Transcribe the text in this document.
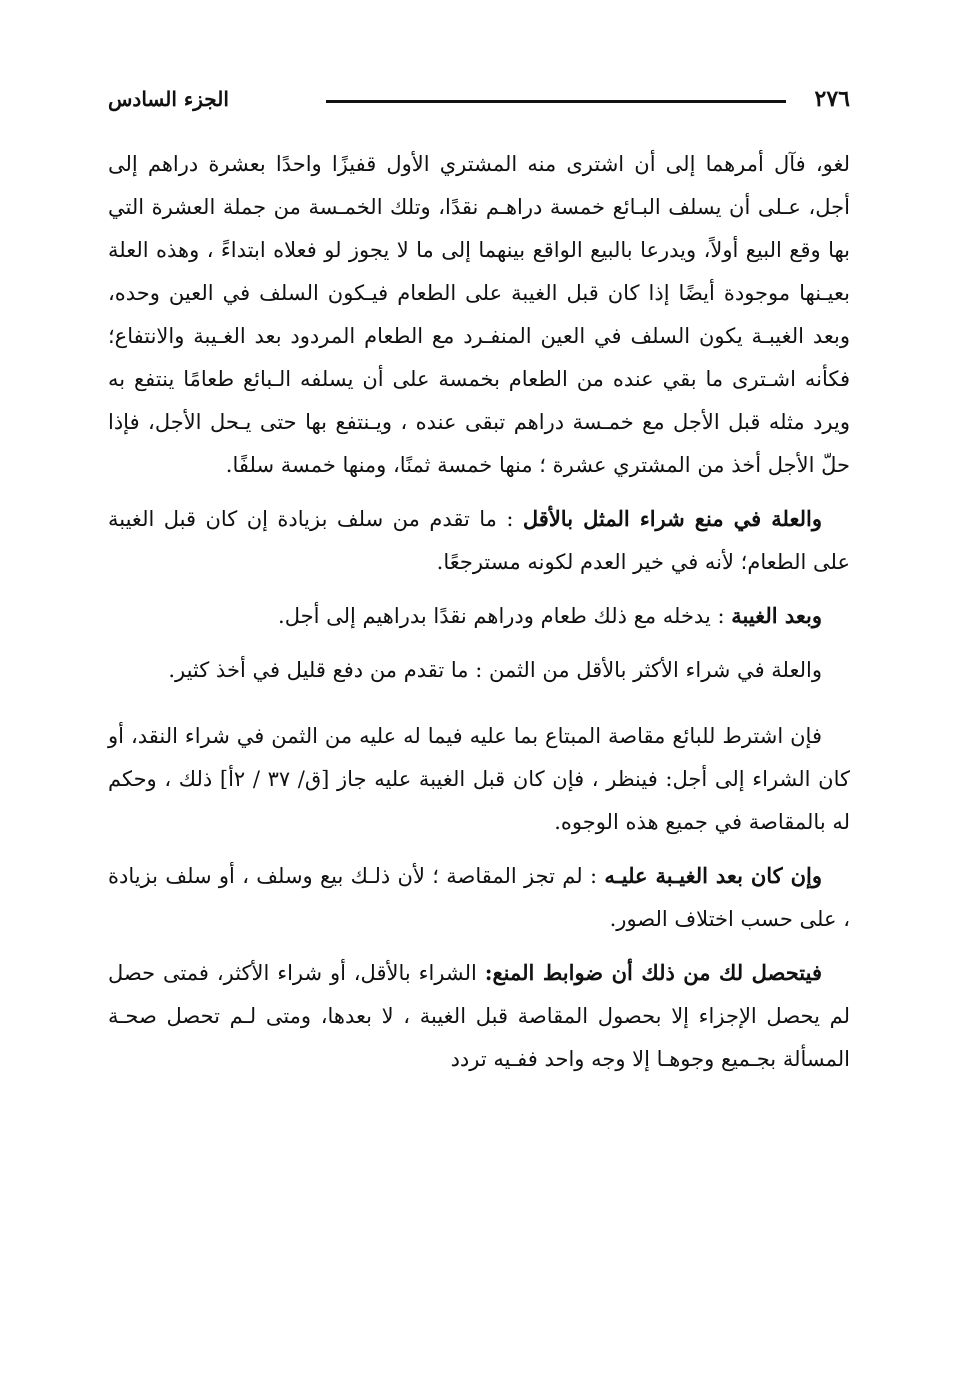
٢٧٦
الجزء السادس

لغو، فآل أمرهما إلى أن اشترى منه المشتري الأول قفيزًا واحدًا بعشرة دراهم إلى أجل، عـلى أن يسلف البـائع خمسة دراهـم نقدًا، وتلك الخمـسة من جملة العشرة التي بها وقع البيع أولاً، ويدرعا بالبيع الواقع بينهما إلى ما لا يجوز لو فعلاه ابتداءً ، وهذه العلة بعيـنها موجودة أيضًا إذا كان قبل الغيبة على الطعام فيـكون السلف في العين وحده، وبعد الغيبـة يكون السلف في العين المنفـرد مع الطعام المردود بعد الغـيبة والانتفاع؛ فكأنه اشـترى ما بقي عنده من الطعام بخمسة على أن يسلفه الـبائع طعامًا ينتفع به ويرد مثله قبل الأجل مع خمـسة دراهم تبقى عنده ، ويـنتفع بها حتى يـحل الأجل، فإذا حلّ الأجل أخذ من المشتري عشرة ؛ منها خمسة ثمنًا، ومنها خمسة سلفًا.

والعلة في منع شراء المثل بالأقل : ما تقدم من سلف بزيادة إن كان قبل الغيبة على الطعام؛ لأنه في خير العدم لكونه مسترجعًا.

وبعد الغيبة : يدخله مع ذلك طعام ودراهم نقدًا بدراهيم إلى أجل.

والعلة في شراء الأكثر بالأقل من الثمن : ما تقدم من دفع قليل في أخذ كثير.

فإن اشترط للبائع مقاصة المبتاع بما عليه فيما له عليه من الثمن في شراء النقد، أو كان الشراء إلى أجل: فينظر ، فإن كان قبل الغيبة عليه جاز [ق/ ٣٧ / ٢أ] ذلك ، وحكم له بالمقاصة في جميع هذه الوجوه.

وإن كان بعد الغيـبة عليـه : لم تجز المقاصة ؛ لأن ذلـك بيع وسلف ، أو سلف بزيادة ، على حسب اختلاف الصور.

فيتحصل لك من ذلك أن ضوابط المنع: الشراء بالأقل، أو شراء الأكثر، فمتى حصل لم يحصل الإجزاء إلا بحصول المقاصة قبل الغيبة ، لا بعدها، ومتى لـم تحصل صحـة المسألة بجـميع وجوهـا إلا وجه واحد ففـيه تردد
